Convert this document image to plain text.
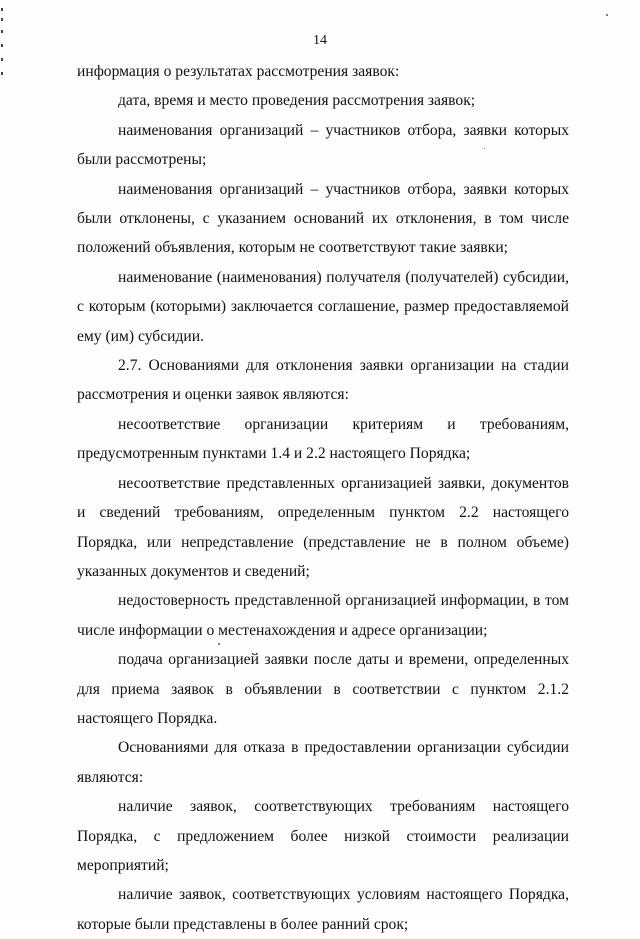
14

информация о результатах рассмотрения заявок:

дата, время и место проведения рассмотрения заявок;

наименования организаций – участников отбора, заявки которых были рассмотрены;

наименования организаций – участников отбора, заявки которых были отклонены, с указанием оснований их отклонения, в том числе положений объявления, которым не соответствуют такие заявки;

наименование (наименования) получателя (получателей) субсидии, с которым (которыми) заключается соглашение, размер предоставляемой ему (им) субсидии.

2.7. Основаниями для отклонения заявки организации на стадии рассмотрения и оценки заявок являются:

несоответствие организации критериям и требованиям, предусмотренным пунктами 1.4 и 2.2 настоящего Порядка;

несоответствие представленных организацией заявки, документов и сведений требованиям, определенным пунктом 2.2 настоящего Порядка, или непредставление (представление не в полном объеме) указанных документов и сведений;

недостоверность представленной организацией информации, в том числе информации о местенахождения и адресе организации;

подача организацией заявки после даты и времени, определенных для приема заявок в объявлении в соответствии с пунктом 2.1.2 настоящего Порядка.

Основаниями для отказа в предоставлении организации субсидии являются:

наличие заявок, соответствующих требованиям настоящего Порядка, с предложением более низкой стоимости реализации мероприятий;

наличие заявок, соответствующих условиям настоящего Порядка, которые были представлены в более ранний срок;
